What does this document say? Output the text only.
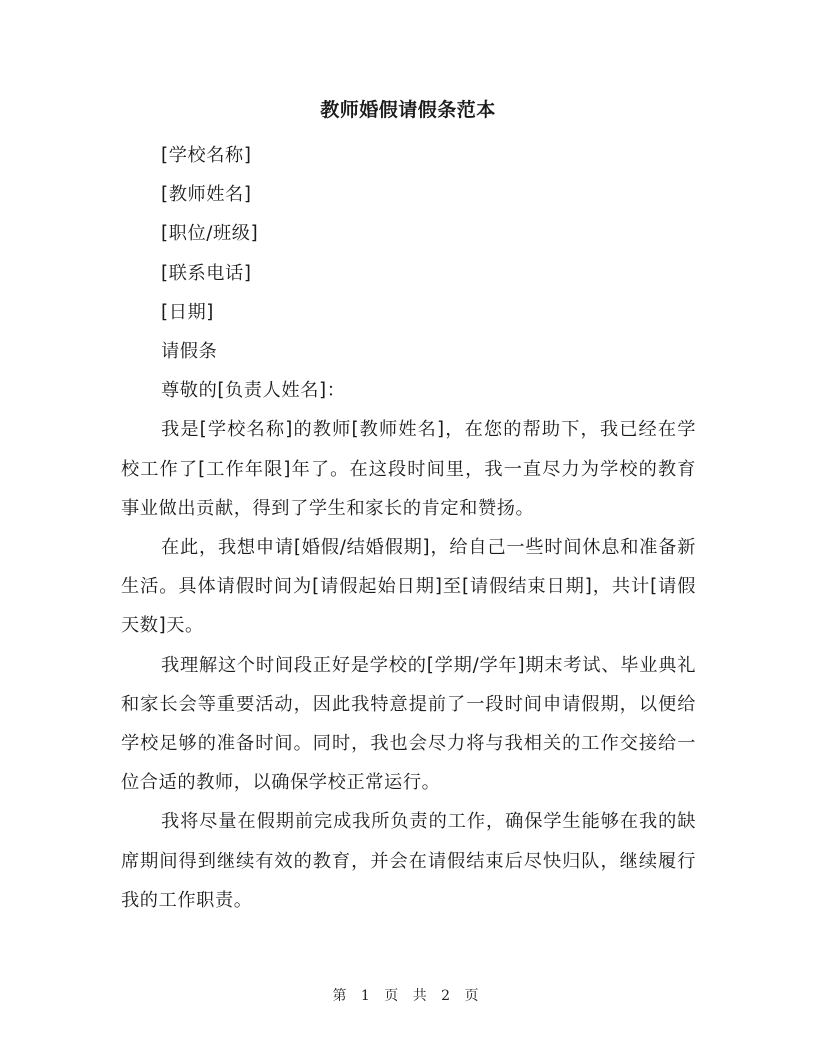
教师婚假请假条范本

[学校名称]

[教师姓名]

[职位/班级]

[联系电话]

[日期]

请假条

尊敬的[负责人姓名]：

我是[学校名称]的教师[教师姓名]，在您的帮助下，我已经在学校工作了[工作年限]年了。在这段时间里，我一直尽力为学校的教育事业做出贡献，得到了学生和家长的肯定和赞扬。

在此，我想申请[婚假/结婚假期]，给自己一些时间休息和准备新生活。具体请假时间为[请假起始日期]至[请假结束日期]，共计[请假天数]天。

我理解这个时间段正好是学校的[学期/学年]期末考试、毕业典礼和家长会等重要活动，因此我特意提前了一段时间申请假期，以便给学校足够的准备时间。同时，我也会尽力将与我相关的工作交接给一位合适的教师，以确保学校正常运行。

我将尽量在假期前完成我所负责的工作，确保学生能够在我的缺席期间得到继续有效的教育，并会在请假结束后尽快归队，继续履行我的工作职责。

第 1 页 共 2 页
